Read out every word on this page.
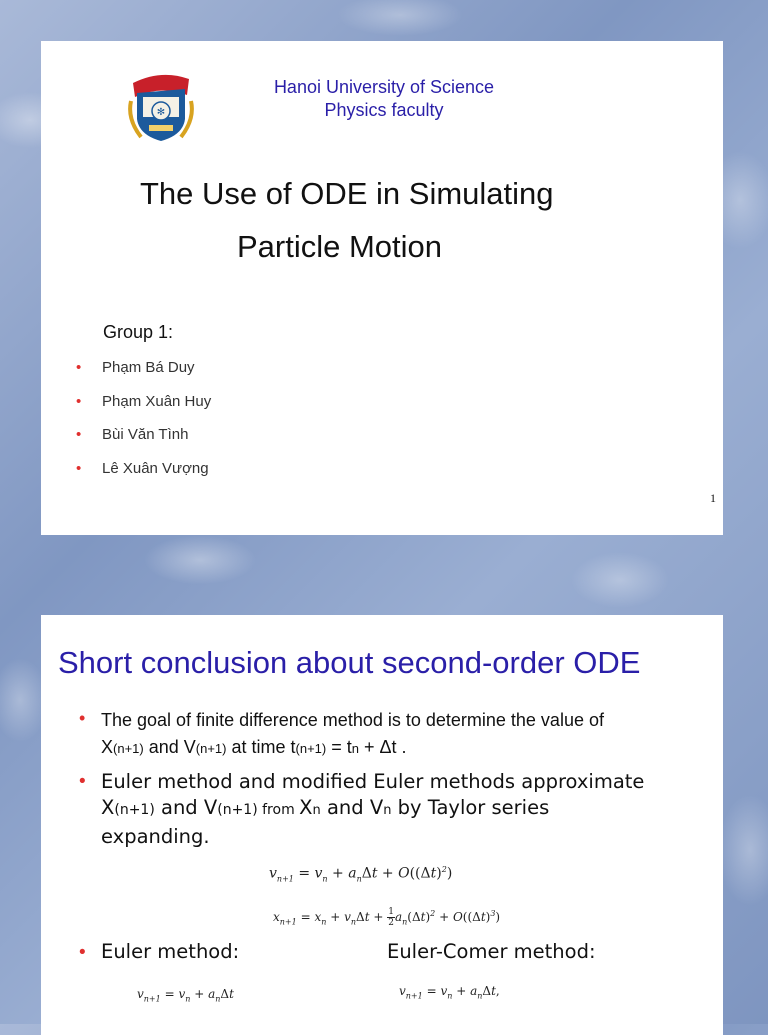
✻
Hanoi University of Science
Physics faculty
The Use of ODE in Simulating
Particle Motion
Group 1:
• Phạm Bá Duy
• Phạm Xuân Huy
• Bùi Văn Tình
• Lê Xuân Vượng
1
Short conclusion about second-order ODE
• The goal of finite difference method is to determine the value of
X(n+1) and V(n+1) at time t(n+1) = tn + Δt .
• Euler method and modified Euler methods approximate
X(n+1) and V(n+1) from Xn and Vn by Taylor series
expanding.
$v_{n+1} = v_n + a_n\Delta t + O((\Delta t)^2)$
$x_{n+1} = x_n + v_n\Delta t + \frac{1}{2} a_n(\Delta t)^2 + O((\Delta t)^3)$
• Euler method:	Euler-Comer method:
$v_{n+1} = v_n + a_n\Delta t$	$v_{n+1} = v_n + a_n\Delta t$,
